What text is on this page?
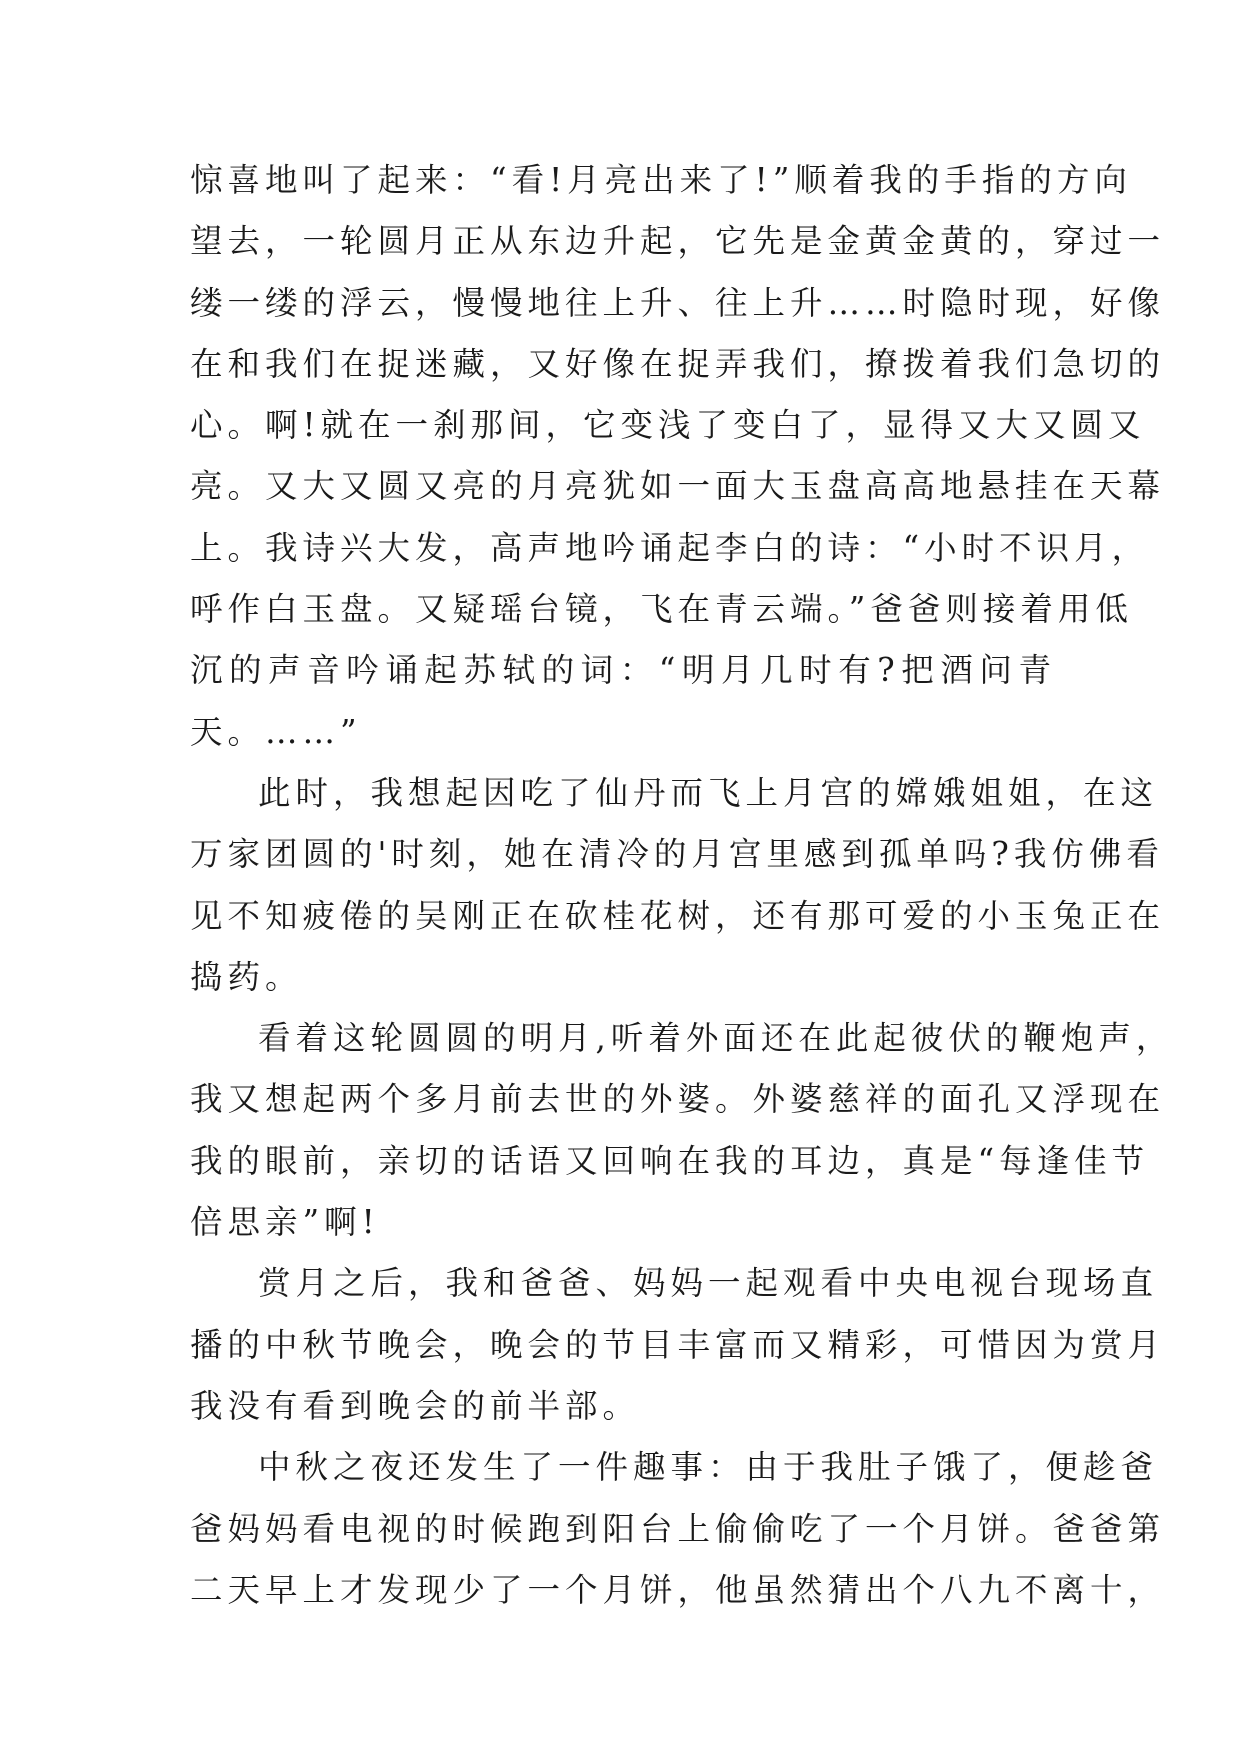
惊喜地叫了起来：“看!月亮出来了!”顺着我的手指的方向
望去，一轮圆月正从东边升起，它先是金黄金黄的，穿过一
缕一缕的浮云，慢慢地往上升、往上升……时隐时现，好像
在和我们在捉迷藏，又好像在捉弄我们，撩拨着我们急切的
心。啊!就在一刹那间，它变浅了变白了，显得又大又圆又
亮。又大又圆又亮的月亮犹如一面大玉盘高高地悬挂在天幕
上。我诗兴大发，高声地吟诵起李白的诗：“小时不识月，
呼作白玉盘。又疑瑶台镜，飞在青云端。”爸爸则接着用低
沉的声音吟诵起苏轼的词：“明月几时有?把酒问青
天。……”
此时，我想起因吃了仙丹而飞上月宫的嫦娥姐姐，在这
万家团圆的'时刻，她在清冷的月宫里感到孤单吗?我仿佛看
见不知疲倦的吴刚正在砍桂花树，还有那可爱的小玉兔正在
捣药。
看着这轮圆圆的明月,听着外面还在此起彼伏的鞭炮声，
我又想起两个多月前去世的外婆。外婆慈祥的面孔又浮现在
我的眼前，亲切的话语又回响在我的耳边，真是“每逢佳节
倍思亲”啊!
赏月之后，我和爸爸、妈妈一起观看中央电视台现场直
播的中秋节晚会，晚会的节目丰富而又精彩，可惜因为赏月
我没有看到晚会的前半部。
中秋之夜还发生了一件趣事：由于我肚子饿了，便趁爸
爸妈妈看电视的时候跑到阳台上偷偷吃了一个月饼。爸爸第
二天早上才发现少了一个月饼，他虽然猜出个八九不离十，
